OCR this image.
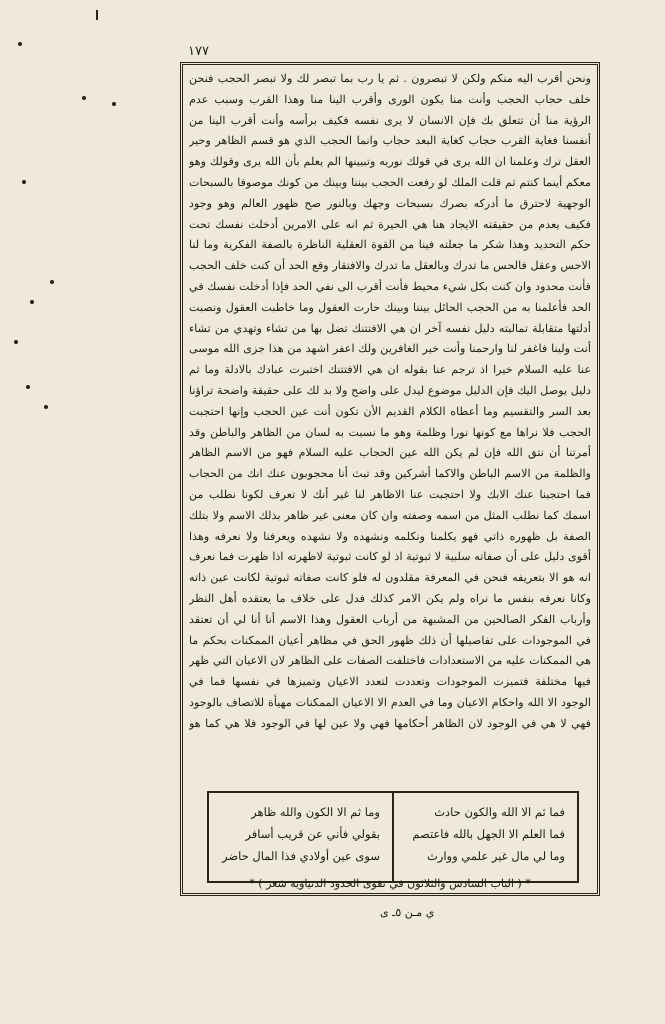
١٧٧

ونحن أقرب اليه منكم ولكن لا تبصرون . ثم يا رب بما تبصر لك ولا تبصر الحجب فنحن خلف حجاب الحجب وأنت منا يكون الورى وأقرب الينا منا وهذا القرب وسبب عدم الرؤية منا أن تتعلق بك فإن الانسان لا يرى نفسه فكيف برأسه وأنت أقرب الينا من أنفسنا فغاية القرب حجاب كغاية البعد حجاب وانما الحجب الذي هو قسم الظاهر وحير العقل ترك وعلمنا ان الله يرى في قولك نوريه وتبيينها الم يعلم بأن الله يرى وقولك وهو معكم أينما كنتم ثم قلت الملك لو رفعت الحجب بيننا وبينك من كونك موصوفا بالسبحات الوجهية لاحترق ما أدركه بصرك بسبحات وجهك وبالنور صح ظهور العالم وهو وجود فكيف يعدم من حقيقته الايجاد هنا هي الحيرة ثم انه على الامرين أدخلت نفسك تحت حكم التحديد وهذا شكر ما جعلته فينا من القوة العقلية الناظرة بالصفة الفكرية وما لنا الاحس وعقل فالحس ما تدرك وبالعقل ما تدرك والافتقار وقع الحد أن كنت خلف الحجب فأنت محدود وان كنت بكل شيء محيط فأنت أقرب الى نفي الحد فإذا أدخلت نفسك في الحد فأعلمنا به من الحجب الحائل بيننا وبينك حارت العقول وما خاطبت العقول ونصبت أدلتها متقابلة تمالبته دليل نفسه آخر ان هي الافتتنك تضل بها من تشاء وتهدي من تشاء أنت ولينا فاغفر لنا وارحمنا وأنت خير الغافرين ولك اعفر اشهد من هذا جزى الله موسى عنا عليه السلام خيرا اذ ترجم عنا بقوله ان هي الافتتنك اختبرت عبادك بالادلة وما ثم دليل يوصل اليك فإن الدليل موضوع ليدل على واضح ولا بد لك على حقيقة واضحة تراؤنا بعد السر والتقسيم وما أعطاه الكلام القديم الأن تكون أنت عين الحجب وإنها احتجبت الحجب فلا نراها مع كونها نورا وظلمة وهو ما نسبت به لسان من الظاهر والباطن وقد أمرتنا أن نتق الله فإن لم يكن الله عين الحجاب عليه السلام فهو من الاسم الظاهر والظلمة من الاسم الباطن والاكما أشركين وقد تبث أنا محجوبون عنك انك من الحجاب فما احتجبنا عنك الابك ولا احتجبت عنا الاظاهر لنا غير أنك لا تعرف لكونا نطلب من اسمك كما نطلب المثل من اسمه وصفته وان كان معنى غير ظاهر بذلك الاسم ولا بتلك الصفة بل ظهوره ذاتي فهو يكلمنا ونكلمه ونشهده ولا نشهده ويعرفنا ولا نعرفه وهذا أقوى دليل على أن صفاته سلبية لا ثبوتية اذ لو كانت ثبوتية لاظهرته اذا ظهرت فما نعرف انه هو الا بتعريفه فنحن في المعرفة مقلدون له فلو كانت صفاته ثبوتية لكانت عين ذاته وكانا نعرفه بنفس ما نراه ولم يكن الامر كذلك فدل على خلاف ما يعتقده أهل النظر وأرباب الفكر الصالحين من المشبهة من أرباب العقول وهذا الاسم أنا أنا لي أن تعتقد في الموجودات على تفاصيلها أن ذلك ظهور الحق في مظاهر أعيان الممكنات بحكم ما هي الممكنات عليه من الاستعدادات فاختلفت الصفات على الظاهر لان الاعيان التي ظهر فيها مختلفة فتميزت الموجودات وتعددت لتعدد الاعيان وتميزها في نفسها فما في الوجود الا الله واحكام الاعيان وما في العدم الا الاعيان الممكنات مهيأة للاتصاف بالوجود فهي لا هي في الوجود لان الظاهر أحكامها فهي ولا عين لها في الوجود فلا هي كما هو

فما ثم الا الله والكون حادث
فما العلم الا الجهل بالله فاعتصم
وما لي مال غير علمي ووارث
وما ثم الا الكون والله ظاهر
بقولي فأني عن قريب أسافر
سوى عين أولادي فذا المال حاضر
* ( الباب السادس والثلاثون في تقوى الحدود الدنياوية شعر ) *
ي مـن ٥ـ ى
